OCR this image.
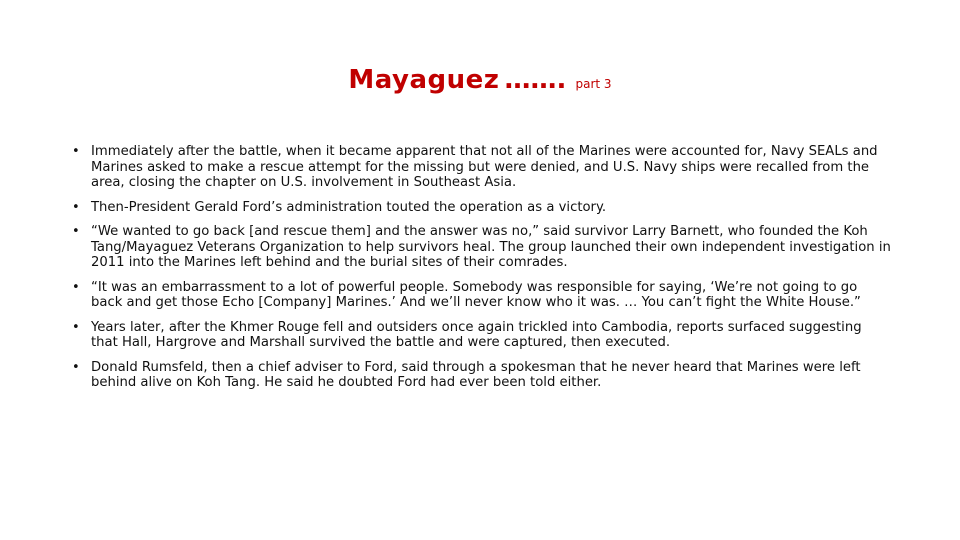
Mayaguez ……. part 3
• Immediately after the battle, when it became apparent that not all of the Marines were accounted for, Navy SEALs and Marines asked to make a rescue attempt for the missing but were denied, and U.S. Navy ships were recalled from the area, closing the chapter on U.S. involvement in Southeast Asia.
• Then-President Gerald Ford’s administration touted the operation as a victory.
• “We wanted to go back [and rescue them] and the answer was no,” said survivor Larry Barnett, who founded the Koh Tang/Mayaguez Veterans Organization to help survivors heal. The group launched their own independent investigation in 2011 into the Marines left behind and the burial sites of their comrades.
• “It was an embarrassment to a lot of powerful people. Somebody was responsible for saying, ‘We’re not going to go back and get those Echo [Company] Marines.’ And we’ll never know who it was. … You can’t fight the White House.”
• Years later, after the Khmer Rouge fell and outsiders once again trickled into Cambodia, reports surfaced suggesting that Hall, Hargrove and Marshall survived the battle and were captured, then executed.
• Donald Rumsfeld, then a chief adviser to Ford, said through a spokesman that he never heard that Marines were left behind alive on Koh Tang. He said he doubted Ford had ever been told either.
